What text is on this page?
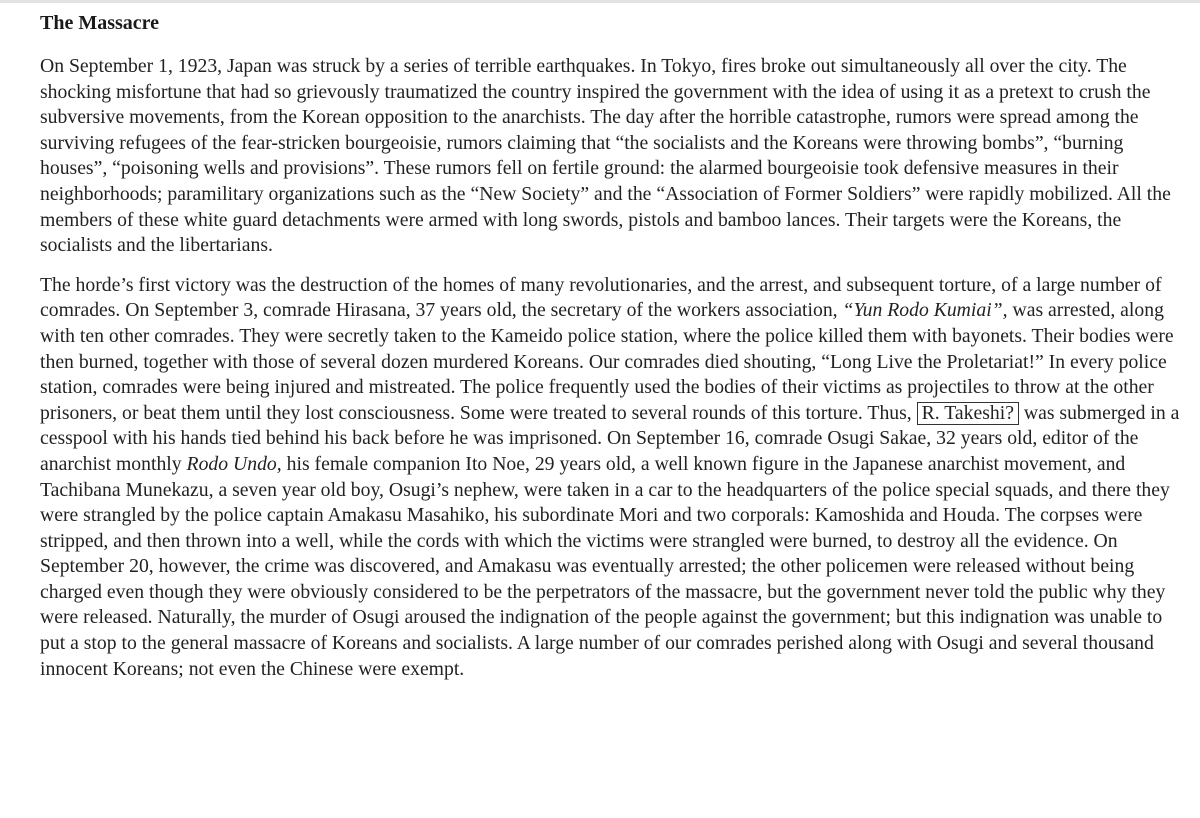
The Massacre

On September 1, 1923, Japan was struck by a series of terrible earthquakes. In Tokyo, fires broke out simultaneously all over the city. The shocking misfortune that had so grievously traumatized the country inspired the government with the idea of using it as a pretext to crush the subversive movements, from the Korean opposition to the anarchists. The day after the horrible catastrophe, rumors were spread among the surviving refugees of the fear-stricken bourgeoisie, rumors claiming that “the socialists and the Koreans were throwing bombs”, “burning houses”, “poisoning wells and provisions”. These rumors fell on fertile ground: the alarmed bourgeoisie took defensive measures in their neighborhoods; paramilitary organizations such as the “New Society” and the “Association of Former Soldiers” were rapidly mobilized. All the members of these white guard detachments were armed with long swords, pistols and bamboo lances. Their targets were the Koreans, the socialists and the libertarians.

The horde’s first victory was the destruction of the homes of many revolutionaries, and the arrest, and subsequent torture, of a large number of comrades. On September 3, comrade Hirasana, 37 years old, the secretary of the workers association, “Yun Rodo Kumiai”, was arrested, along with ten other comrades. They were secretly taken to the Kameido police station, where the police killed them with bayonets. Their bodies were then burned, together with those of several dozen murdered Koreans. Our comrades died shouting, “Long Live the Proletariat!” In every police station, comrades were being injured and mistreated. The police frequently used the bodies of their victims as projectiles to throw at the other prisoners, or beat them until they lost consciousness. Some were treated to several rounds of this torture. Thus, R. Takeshi? was submerged in a cesspool with his hands tied behind his back before he was imprisoned. On September 16, comrade Osugi Sakae, 32 years old, editor of the anarchist monthly Rodo Undo, his female companion Ito Noe, 29 years old, a well known figure in the Japanese anarchist movement, and Tachibana Munekazu, a seven year old boy, Osugi’s nephew, were taken in a car to the headquarters of the police special squads, and there they were strangled by the police captain Amakasu Masahiko, his subordinate Mori and two corporals: Kamoshida and Houda. The corpses were stripped, and then thrown into a well, while the cords with which the victims were strangled were burned, to destroy all the evidence. On September 20, however, the crime was discovered, and Amakasu was eventually arrested; the other policemen were released without being charged even though they were obviously considered to be the perpetrators of the massacre, but the government never told the public why they were released. Naturally, the murder of Osugi aroused the indignation of the people against the government; but this indignation was unable to put a stop to the general massacre of Koreans and socialists. A large number of our comrades perished along with Osugi and several thousand innocent Koreans; not even the Chinese were exempt.
